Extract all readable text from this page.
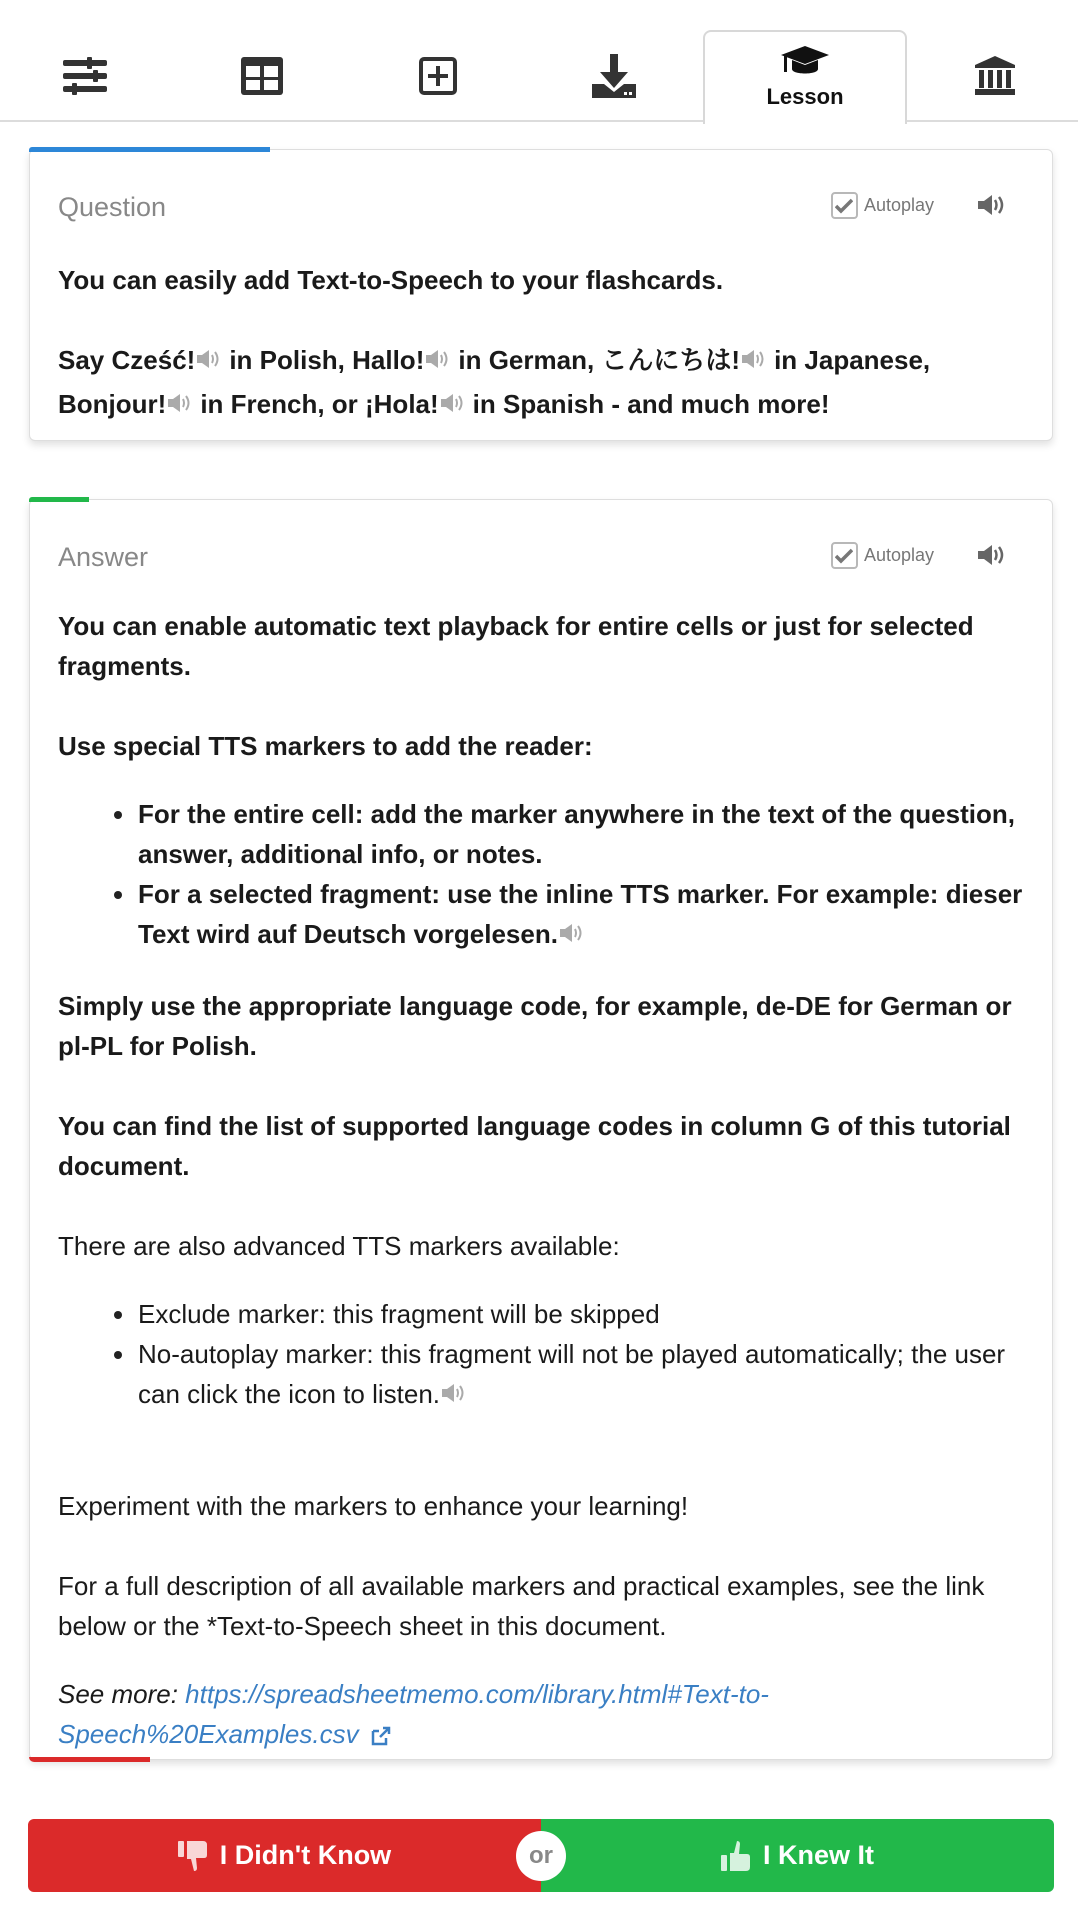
Lesson
Question	Autoplay

You can easily add Text-to-Speech to your flashcards.

Say Cześć! in Polish, Hallo! in German, こんにちは! in Japanese,
Bonjour! in French, or ¡Hola! in Spanish - and much more!

Answer	Autoplay

You can enable automatic text playback for entire cells or just for selected fragments.

Use special TTS markers to add the reader:

For the entire cell: add the marker anywhere in the text of the question, answer, additional info, or notes.
For a selected fragment: use the inline TTS marker. For example: dieser Text wird auf Deutsch vorgelesen.

Simply use the appropriate language code, for example, de-DE for German or pl-PL for Polish.

You can find the list of supported language codes in column G of this tutorial document.

There are also advanced TTS markers available:

Exclude marker: this fragment will be skipped
No-autoplay marker: this fragment will not be played automatically; the user can click the icon to listen.

Experiment with the markers to enhance your learning!

For a full description of all available markers and practical examples, see the link below or the *Text-to-Speech sheet in this document.

See more: https://spreadsheetmemo.com/library.html#Text-to-Speech%20Examples.csv

I Didn't Know	I Knew It
or
